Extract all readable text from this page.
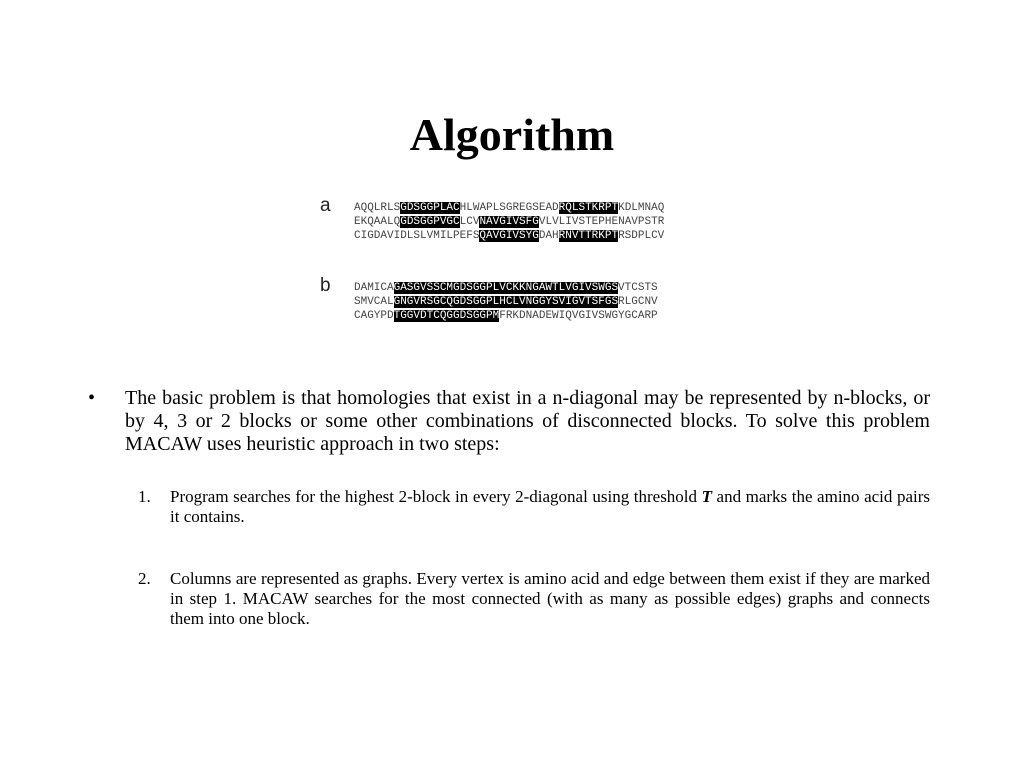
Algorithm
a AQQLRLSGDSGGPLACHLWAPLSGREGSEADRQLSTKRPTKDLMNAQ
EKQAALQGDSGGPVGCLCVNAVGIVSFGVLVLIVSTEPHENAVPSTR
CIGDAVIDLSLVMILPEFSQAVGIVSYGDAHRNVTTRKPTRSDPLCV
b DAMICAGASGVSSCMGDSGGPLVCKKNGAWTLVGIVSWGSVTCSTS
SMVCALGNGVRSGCQGDSGGPLHCLVNGGYSVIGVTSFGSRLGCNV
CAGYPDTGGVDTCQGGDSGGPMFRKDNADEWIQVGIVSWGYGCARP
• The basic problem is that homologies that exist in a n-diagonal may be represented by n-blocks, or by 4, 3 or 2 blocks or some other combinations of disconnected blocks. To solve this problem MACAW uses heuristic approach in two steps:
1. Program searches for the highest 2-block in every 2-diagonal using threshold T and marks the amino acid pairs it contains.
2. Columns are represented as graphs. Every vertex is amino acid and edge between them exist if they are marked in step 1. MACAW searches for the most connected (with as many as possible edges) graphs and connects them into one block.
